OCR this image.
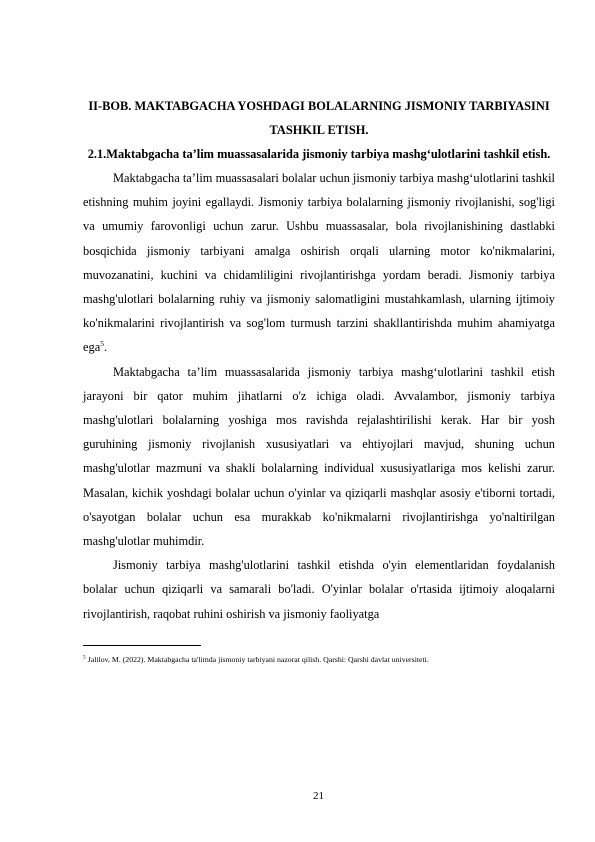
II-BOB. MAKTABGACHA YOSHDAGI BOLALARNING JISMONIY TARBIYASINI TASHKIL ETISH.

2.1.Maktabgacha ta’lim muassasalarida jismoniy tarbiya mashg‘ulotlarini tashkil etish.

Maktabgacha ta’lim muassasalari bolalar uchun jismoniy tarbiya mashg‘ulotlarini tashkil etishning muhim joyini egallaydi. Jismoniy tarbiya bolalarning jismoniy rivojlanishi, sog'ligi va umumiy farovonligi uchun zarur. Ushbu muassasalar, bola rivojlanishining dastlabki bosqichida jismoniy tarbiyani amalga oshirish orqali ularning motor ko'nikmalarini, muvozanatini, kuchini va chidamliligini rivojlantirishga yordam beradi. Jismoniy tarbiya mashg'ulotlari bolalarning ruhiy va jismoniy salomatligini mustahkamlash, ularning ijtimoiy ko'nikmalarini rivojlantirish va sog'lom turmush tarzini shakllantirishda muhim ahamiyatga ega$^5$.

Maktabgacha ta’lim muassasalarida jismoniy tarbiya mashg‘ulotlarini tashkil etish jarayoni bir qator muhim jihatlarni o'z ichiga oladi. Avvalambor, jismoniy tarbiya mashg'ulotlari bolalarning yoshiga mos ravishda rejalashtirilishi kerak. Har bir yosh guruhining jismoniy rivojlanish xususiyatlari va ehtiyojlari mavjud, shuning uchun mashg'ulotlar mazmuni va shakli bolalarning individual xususiyatlariga mos kelishi zarur. Masalan, kichik yoshdagi bolalar uchun o'yinlar va qiziqarli mashqlar asosiy e'tiborni tortadi, o'sayotgan bolalar uchun esa murakkab ko'nikmalarni rivojlantirishga yo'naltirilgan mashg'ulotlar muhimdir.

Jismoniy tarbiya mashg'ulotlarini tashkil etishda o'yin elementlaridan foydalanish bolalar uchun qiziqarli va samarali bo'ladi. O'yinlar bolalar o'rtasida ijtimoiy aloqalarni rivojlantirish, raqobat ruhini oshirish va jismoniy faoliyatga

$^5$ Jalilov, M. (2022). Maktabgacha ta'limda jismoniy tarbiyani nazorat qilish. Qarshi: Qarshi davlat universiteti.

21
